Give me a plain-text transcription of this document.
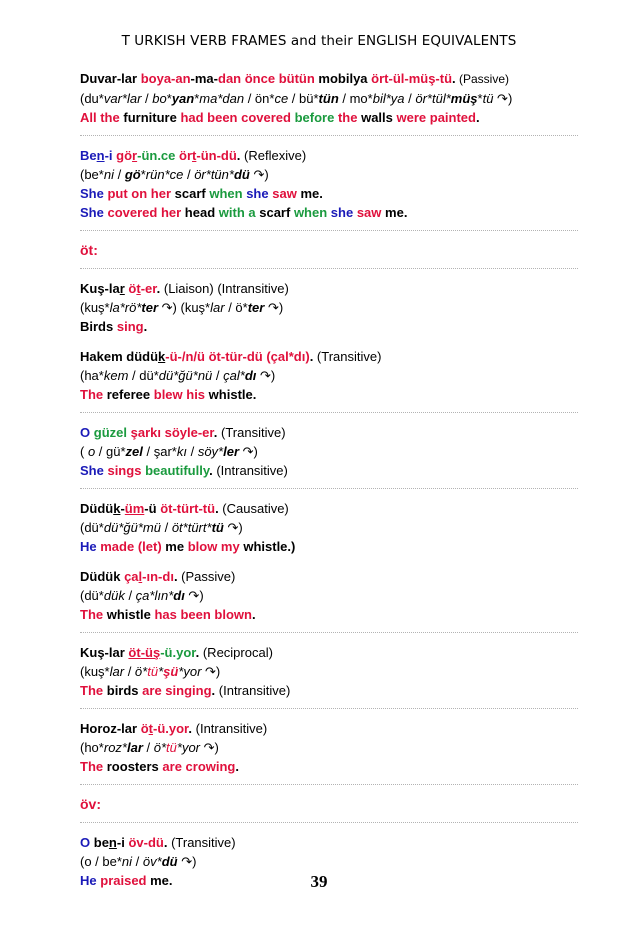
T URKISH VERB FRAMES and their ENGLISH EQUIVALENTS
Duvar-lar boya-an-ma-dan önce bütün mobilya ört-ül-müş-tü. (Passive)
(du*var*lar / bo*yan*ma*dan / ön*ce / bü*tün / mo*bil*ya / ör*tül*müş*tü ↷)
All the furniture had been covered before the walls were painted.
Ben-i gör-ün.ce ört-ün-dü. (Reflexive)
(be*ni / gö*rün*ce / ör*tün*dü ↷)
She put on her scarf when she saw me.
She covered her head with a scarf when she saw me.
öt:
Kuş-lar öt-er. (Liaison) (Intransitive)
(kuş*la*rö*ter ↷) (kuş*lar / ö*ter ↷)
Birds sing.
Hakem düdük-ü-/n/ü öt-tür-dü (çal*dı). (Transitive)
(ha*kem / dü*dü*ğü*nü / çal*dı ↷)
The referee blew his whistle.
O güzel şarkı söyle-er. (Transitive)
( o / gü*zel / şar*kı / söy*ler ↷)
She sings beautifully. (Intransitive)
Düdük-üm-ü öt-türt-tü. (Causative)
(dü*dü*ğü*mü / öt*türt*tü ↷)
He made (let) me blow my whistle.)
Düdük çal-ın-dı. (Passive)
(dü*dük / ça*lın*dı ↷)
The whistle has been blown.
Kuş-lar öt-üş-ü.yor. (Reciprocal)
(kuş*lar / ö*tü*şü*yor ↷)
The birds are singing. (Intransitive)
Horoz-lar öt-ü.yor. (Intransitive)
(ho*roz*lar / ö*tü*yor ↷)
The roosters are crowing.
öv:
O ben-i öv-dü. (Transitive)
(o / be*ni / öv*dü ↷)
He praised me.	39
